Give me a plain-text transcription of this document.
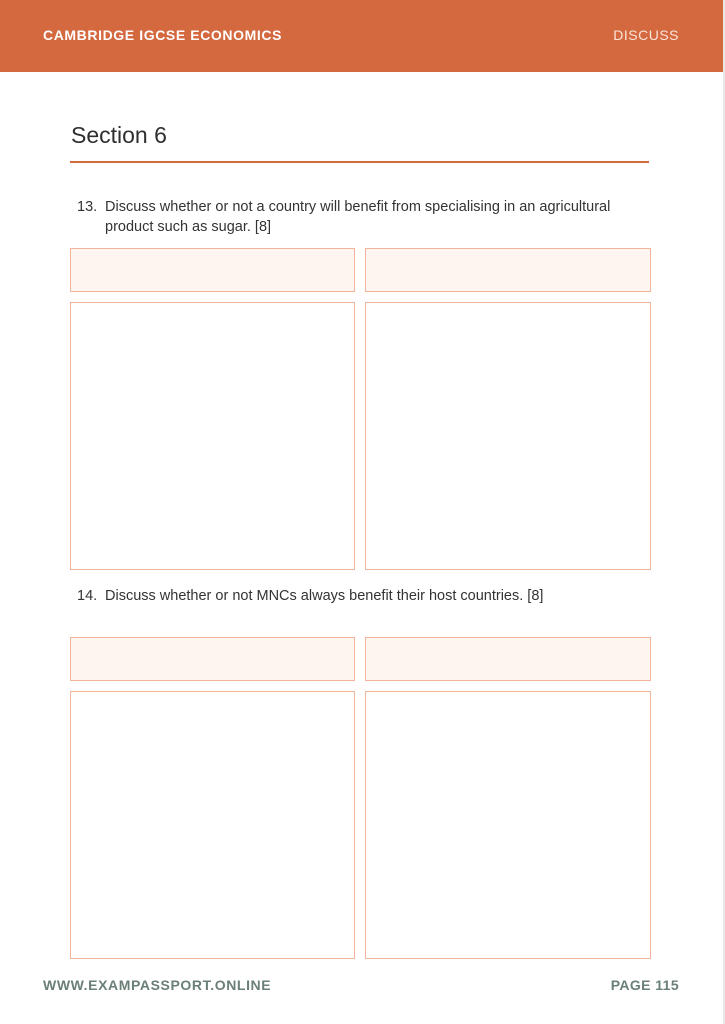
CAMBRIDGE IGCSE ECONOMICS	DISCUSS
Section 6
13. Discuss whether or not a country will benefit from specialising in an agricultural product such as sugar. [8]
14. Discuss whether or not MNCs always benefit their host countries. [8]
WWW.EXAMPASSPORT.ONLINE	PAGE 115
